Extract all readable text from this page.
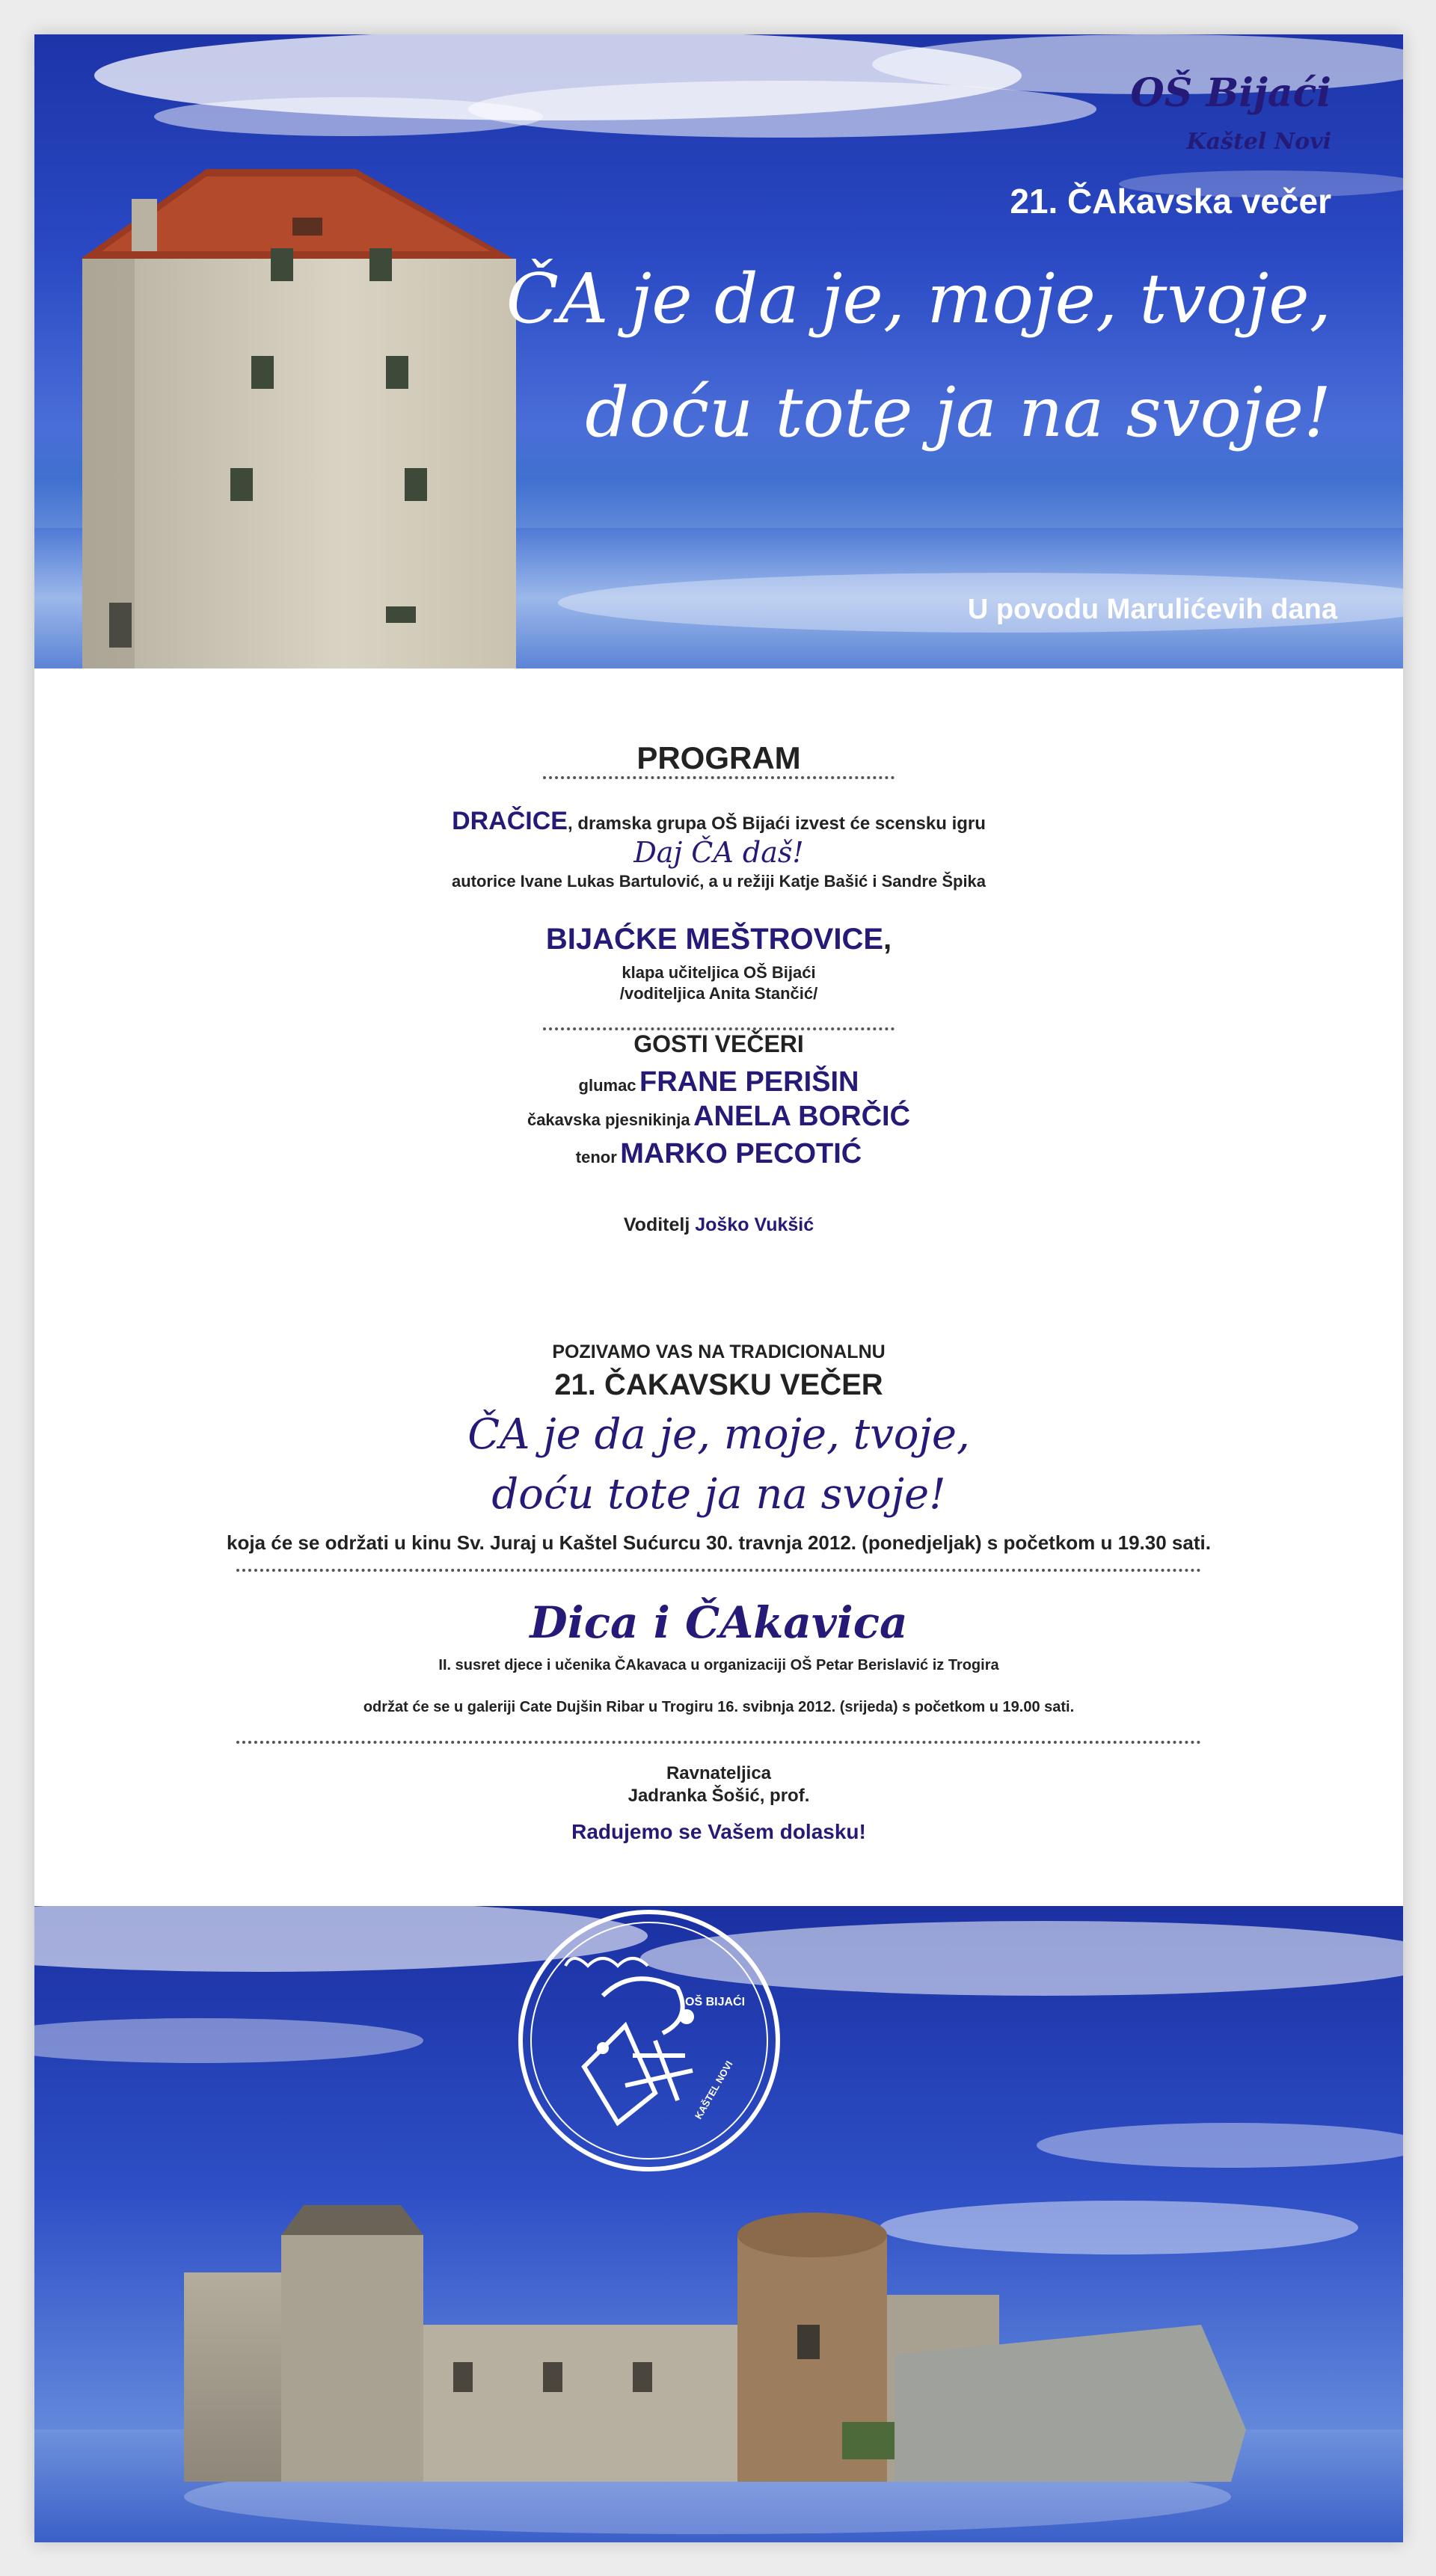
OŠ Bijaći
Kaštel Novi
21. ČAkavska večer
ČA je da je, moje, tvoje,
doću tote ja na svoje!
U povodu Marulićevih dana
PROGRAM
DRAČICE, dramska grupa OŠ Bijaći izvest će scensku igru
Daj ČA daš!
autorice Ivane Lukas Bartulović, a u režiji Katje Bašić i Sandre Špika
BIJAĆKE MEŠTROVICE,
klapa učiteljica OŠ Bijaći
/voditeljica Anita Stančić/
GOSTI VEČERI
glumac FRANE PERIŠIN
čakavska pjesnikinja ANELA BORČIĆ
tenor MARKO PECOTIĆ
Voditelj Joško Vukšić
POZIVAMO VAS NA TRADICIONALNU
21. ČAKAVSKU VEČER
ČA je da je, moje, tvoje,
doću tote ja na svoje!
koja će se održati u kinu Sv. Juraj u Kaštel Sućurcu 30. travnja 2012. (ponedjeljak) s početkom u 19.30 sati.
Dica i ČAkavica
II. susret djece i učenika ČAkavaca u organizaciji OŠ Petar Berislavić iz Trogira
održat će se u galeriji Cate Dujšin Ribar u Trogiru 16. svibnja 2012. (srijeda) s početkom u 19.00 sati.
Ravnateljica
Jadranka Šošić, prof.
Radujemo se Vašem dolasku!
OŠ BIJAĆI
KAŠTEL NOVI
